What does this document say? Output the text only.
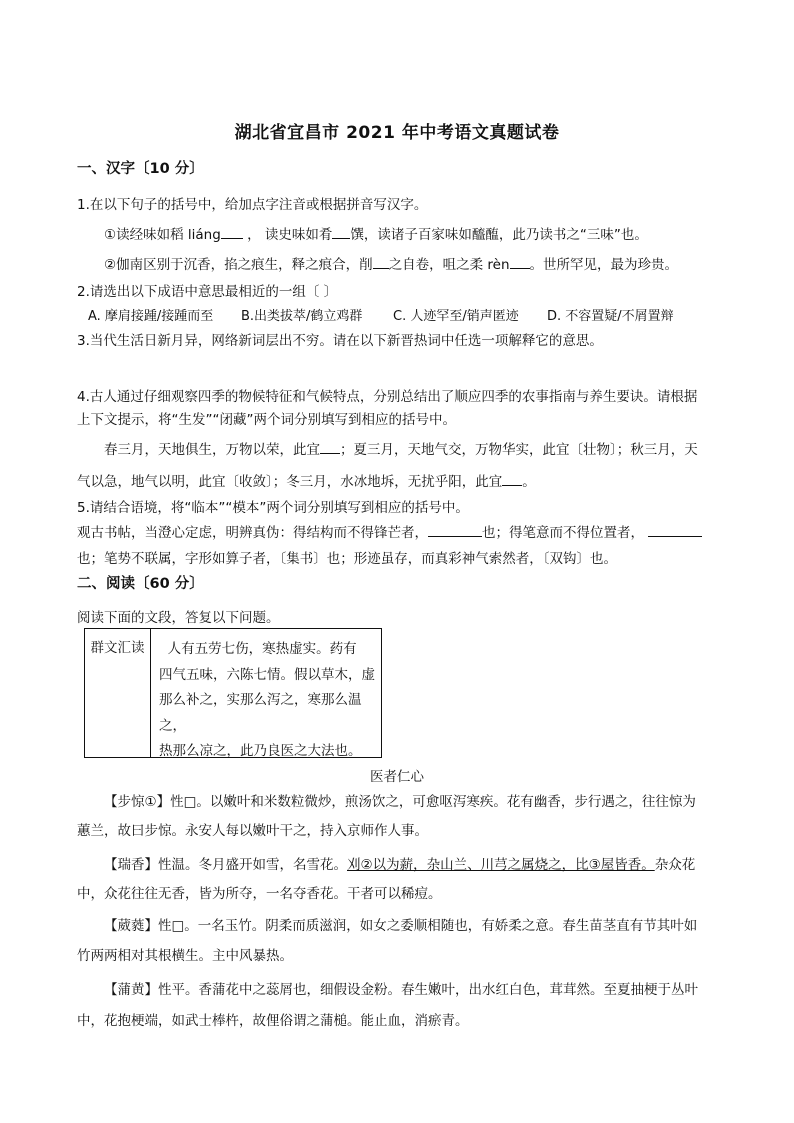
湖北省宜昌市 2021 年中考语文真题试卷
一、汉字〔10 分〕
1.在以下句子的括号中，给加点字注音或根据拼音写汉字。
①读经味如稻 liáng ， 读史味如肴 馔，读诸子百家味如醯醢，此乃读书之“三味”也。
②伽南区别于沉香，掐之痕生，释之痕合，削 之自卷，咀之柔 rèn 。世所罕见，最为珍贵。
2.请选出以下成语中意思最相近的一组〔 〕
A. 摩肩接踵/接踵而至 B.出类拔萃/鹤立鸡群 C. 人迹罕至/销声匿迹 D. 不容置疑/不屑置辩
3.当代生活日新月异，网络新词层出不穷。请在以下新晋热词中任选一项解释它的意思。
4.古人通过仔细观察四季的物候特征和气候特点，分别总结出了顺应四季的农事指南与养生要诀。请根据
上下文提示，将“生发”“闭藏”两个词分别填写到相应的括号中。
春三月，天地俱生，万物以荣，此宜 ；夏三月，天地气交，万物华实，此宜〔壮物〕；秋三月，天
气以急，地气以明，此宜〔收敛〕；冬三月，水冰地坼，无扰乎阳，此宜 。
5.请结合语境，将“临本”“模本”两个词分别填写到相应的括号中。
观古书帖，当澄心定虑，明辨真伪：得结构而不得锋芒者，	也；得笔意而不得位置者，
也；笔势不联属，字形如算子者，〔集书〕也；形迹虽存，而真彩神气索然者，〔双钩〕也。
二、阅读〔60 分〕
阅读下面的文段，答复以下问题。
群文汇读	人有五劳七伤，寒热虚实。药有
四气五味，六陈七情。假以草木，虚
那么补之，实那么泻之，寒那么温之，
热那么凉之，此乃良医之大法也。
医者仁心
【步惊①】性□。以嫩叶和米数粒微炒，煎汤饮之，可愈呕泻寒疾。花有幽香，步行遇之，往往惊为
蕙兰，故曰步惊。永安人每以嫩叶干之，持入京师作人事。
【瑞香】性温。冬月盛开如雪，名雪花。刈②以为薪，杂山兰、川芎之属烧之，比③屋皆香。杂众花
中，众花往往无香，皆为所夺，一名夺香花。干者可以稀痘。
【葳蕤】性□。一名玉竹。阴柔而质滋润，如女之委顺相随也，有娇柔之意。春生苗茎直有节其叶如
竹两两相对其根横生。主中风暴热。
【蒲黄】性平。香蒲花中之蕊屑也，细假设金粉。春生嫩叶，出水红白色，茸茸然。至夏抽梗于丛叶
中，花抱梗端，如武士棒杵，故俚俗谓之蒲槌。能止血，消瘀青。
